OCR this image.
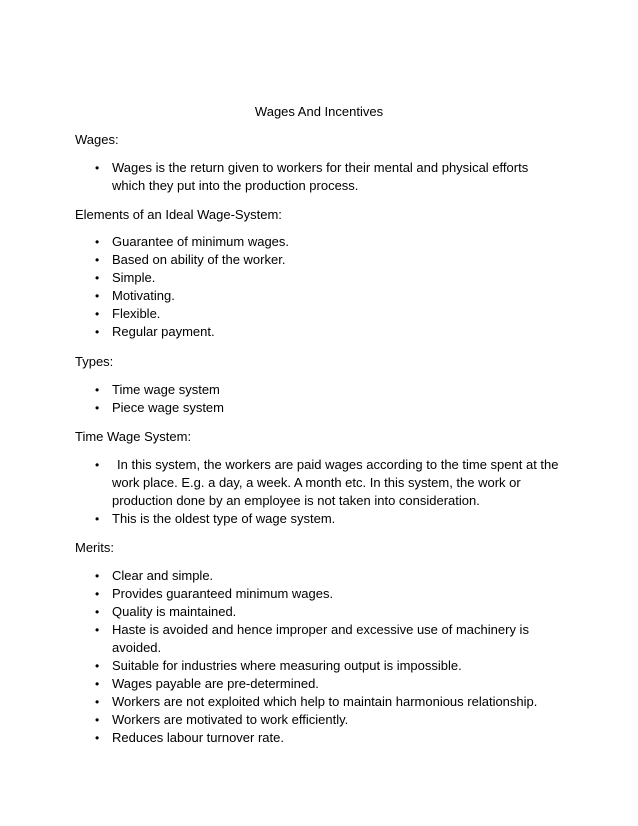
Wages And Incentives
Wages:
• Wages is the return given to workers for their mental and physical efforts which they put into the production process.
Elements of an Ideal Wage-System:
• Guarantee of minimum wages.
• Based on ability of the worker.
• Simple.
• Motivating.
• Flexible.
• Regular payment.
Types:
• Time wage system
• Piece wage system
Time Wage System:
• In this system, the workers are paid wages according to the time spent at the work place. E.g. a day, a week. A month etc. In this system, the work or production done by an employee is not taken into consideration.
• This is the oldest type of wage system.
Merits:
• Clear and simple.
• Provides guaranteed minimum wages.
• Quality is maintained.
• Haste is avoided and hence improper and excessive use of machinery is avoided.
• Suitable for industries where measuring output is impossible.
• Wages payable are pre-determined.
• Workers are not exploited which help to maintain harmonious relationship.
• Workers are motivated to work efficiently.
• Reduces labour turnover rate.
